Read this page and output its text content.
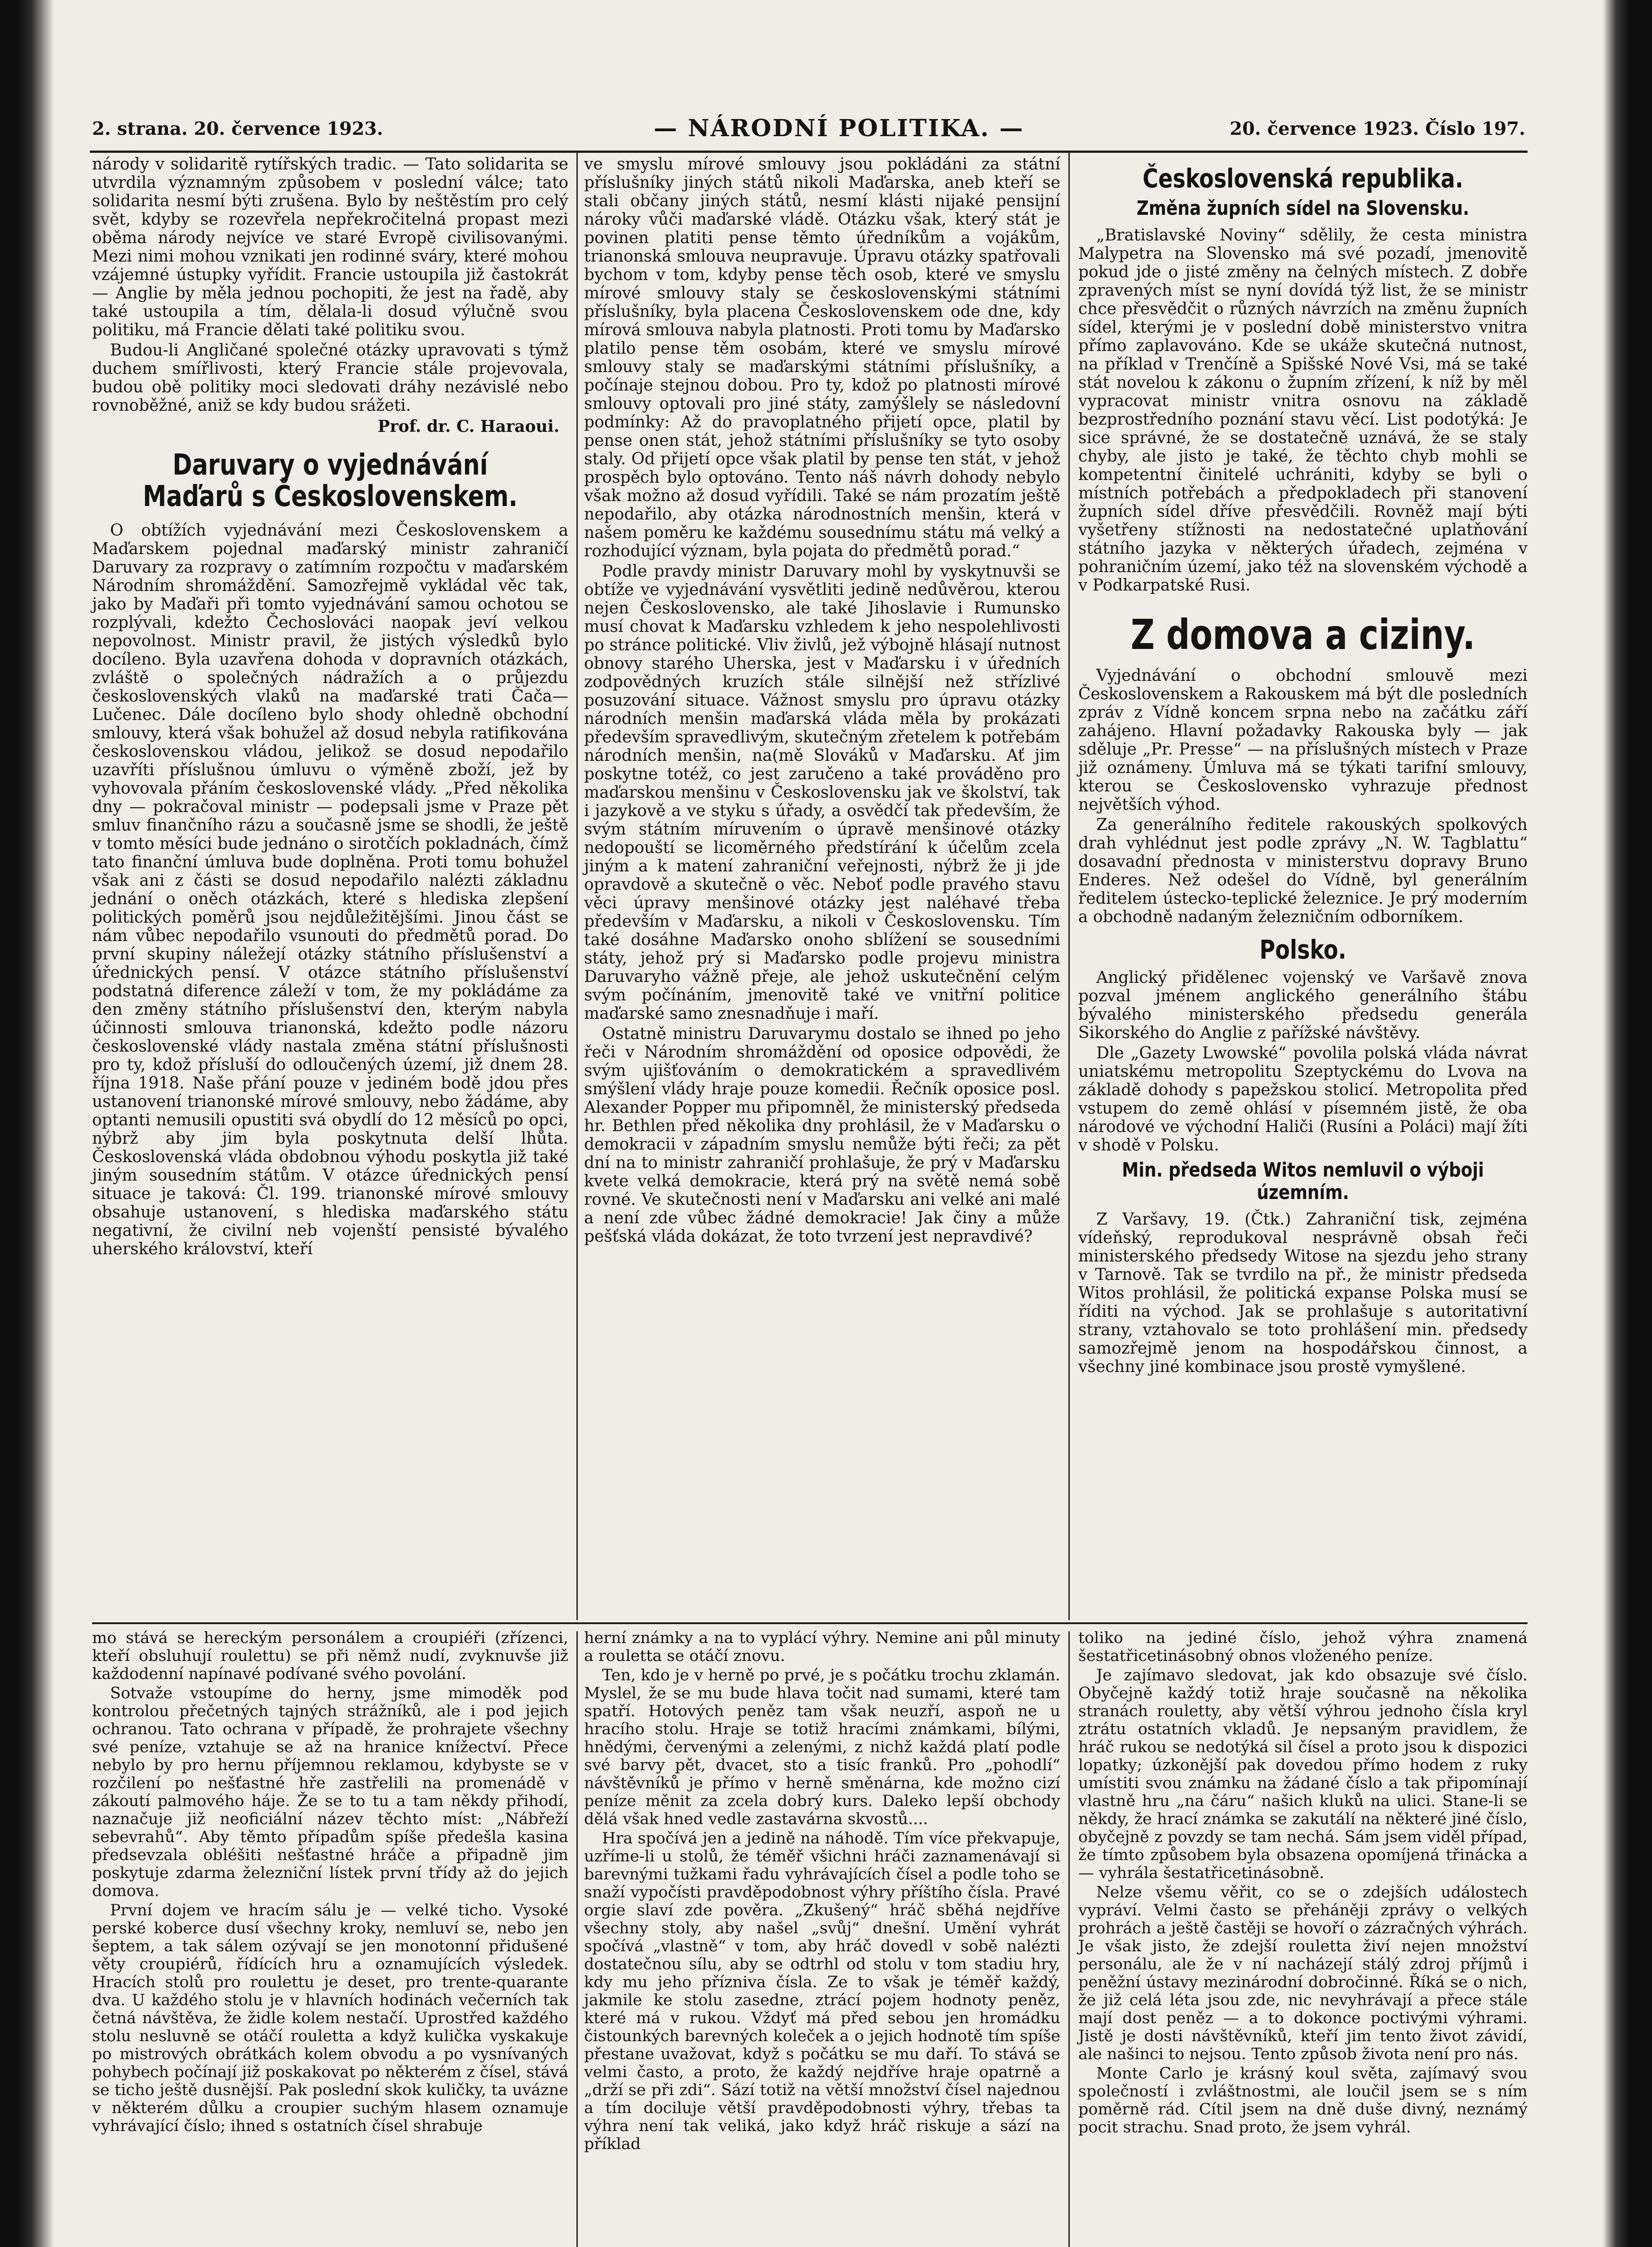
2. strana. 20. července 1923.	— NÁRODNÍ POLITIKA. —	20. července 1923. Číslo 197.

národy v solidaritě rytířských tradic. — Tato solidarita se utvrdila významným způsobem v poslední válce; tato solidarita nesmí býti zrušena. Bylo by neštěstím pro celý svět, kdyby se rozevřela nepřekročitelná propast mezi oběma národy nejvíce ve staré Evropě civilisovanými. Mezi nimi mohou vznikati jen rodinné sváry, které mohou vzájemné ústupky vyřídit. Francie ustoupila již častokrát — Anglie by měla jednou pochopiti, že jest na řadě, aby také ustoupila a tím, dělala-li dosud výlučně svou politiku, má Francie dělati také politiku svou.

Budou-li Angličané společné otázky upravovati s týmž duchem smířlivosti, který Francie stále projevovala, budou obě politiky moci sledovati dráhy nezávislé nebo rovnoběžné, aniž se kdy budou srážeti.

Prof. dr. C. Haraoui.
Daruvary o vyjednávání Maďarů s Československem.

O obtížích vyjednávání mezi Československem a Maďarskem pojednal maďarský ministr zahraničí Daruvary za rozpravy o zatímním rozpočtu v maďarském Národním shromáždění. Samozřejmě vykládal věc tak, jako by Maďaři při tomto vyjednávání samou ochotou se rozplývali, kdežto Čechoslováci naopak jeví velkou nepovolnost. Ministr pravil, že jistých výsledků bylo docíleno. Byla uzavřena dohoda v dopravních otázkách, zvláště o společných nádražích a o průjezdu československých vlaků na maďarské trati Čača—Lučenec. Dále docíleno bylo shody ohledně obchodní smlouvy, která však bohužel až dosud nebyla ratifikována československou vládou, jelikož se dosud nepodařilo uzavříti příslušnou úmluvu o výměně zboží, jež by vyhovovala přáním československé vlády. „Před několika dny — pokračoval ministr — podepsali jsme v Praze pět smluv finančního rázu a současně jsme se shodli, že ještě v tomto měsíci bude jednáno o sirotčích pokladnách, čímž tato finanční úmluva bude doplněna. Proti tomu bohužel však ani z části se dosud nepodařilo nalézti základnu jednání o oněch otázkách, které s hlediska zlepšení politických poměrů jsou nejdůležitějšími. Jinou část se nám vůbec nepodařilo vsunouti do předmětů porad. Do první skupiny náležejí otázky státního příslušenství a úřednických pensí. V otázce státního příslušenství podstatná diference záleží v tom, že my pokládáme za den změny státního příslušenství den, kterým nabyla účinnosti smlouva trianonská, kdežto podle názoru československé vlády nastala změna státní příslušnosti pro ty, kdož přísluší do odloučených území, již dnem 28. října 1918. Naše přání pouze v jediném bodě jdou přes ustanovení trianonské mírové smlouvy, nebo žádáme, aby optanti nemusili opustiti svá obydlí do 12 měsíců po opci, nýbrž aby jim byla poskytnuta delší lhůta. Československá vláda obdobnou výhodu poskytla již také jiným sousedním státům. V otázce úřednických pensí situace je taková: Čl. 199. trianonské mírové smlouvy obsahuje ustanovení, s hlediska maďarského státu negativní, že civilní neb vojenští pensisté bývalého uherského království, kteří

ve smyslu mírové smlouvy jsou pokládáni za státní příslušníky jiných států nikoli Maďarska, aneb kteří se stali občany jiných států, nesmí klásti nijaké pensijní nároky vůči maďarské vládě. Otázku však, který stát je povinen platiti pense těmto úředníkům a vojákům, trianonská smlouva neupravuje. Úpravu otázky spatřovali bychom v tom, kdyby pense těch osob, které ve smyslu mírové smlouvy staly se československými státními příslušníky, byla placena Československem ode dne, kdy mírová smlouva nabyla platnosti. Proti tomu by Maďarsko platilo pense těm osobám, které ve smyslu mírové smlouvy staly se maďarskými státními příslušníky, a počínaje stejnou dobou. Pro ty, kdož po platnosti mírové smlouvy optovali pro jiné státy, zamýšlely se následovní podmínky: Až do pravoplatného přijetí opce, platil by pense onen stát, jehož státními příslušníky se tyto osoby staly. Od přijetí opce však platil by pense ten stát, v jehož prospěch bylo optováno. Tento náš návrh dohody nebylo však možno až dosud vyřídili. Také se nám prozatím ještě nepodařilo, aby otázka národnostních menšin, která v našem poměru ke každému sousednímu státu má velký a rozhodující význam, byla pojata do předmětů porad.“

Podle pravdy ministr Daruvary mohl by vyskytnuvši se obtíže ve vyjednávání vysvětliti jedině nedůvěrou, kterou nejen Československo, ale také Jihoslavie i Rumunsko musí chovat k Maďarsku vzhledem k jeho nespolehlivosti po stránce politické. Vliv živlů, jež výbojně hlásají nutnost obnovy starého Uherska, jest v Maďarsku i v úředních zodpovědných kruzích stále silnější než střízlivé posuzování situace. Vážnost smyslu pro úpravu otázky národních menšin maďarská vláda měla by prokázati především spravedlivým, skutečným zřetelem k potřebám národních menšin, na(mě Slováků v Maďarsku. Ať jim poskytne totéž, co jest zaručeno a také prováděno pro maďarskou menšinu v Československu jak ve školství, tak i jazykově a ve styku s úřady, a osvědčí tak především, že svým státním míruvením o úpravě menšinové otázky nedopouští se licoměrného předstírání k účelům zcela jiným a k matení zahraniční veřejnosti, nýbrž že ji jde opravdově a skutečně o věc. Neboť podle pravého stavu věci úpravy menšinové otázky jest naléhavé třeba především v Maďarsku, a nikoli v Československu. Tím také dosáhne Maďarsko onoho sblížení se sousedními státy, jehož prý si Maďarsko podle projevu ministra Daruvaryho vážně přeje, ale jehož uskutečnění celým svým počínáním, jmenovitě také ve vnitřní politice maďarské samo znesnadňuje i maří.

Ostatně ministru Daruvarymu dostalo se ihned po jeho řeči v Národním shromáždění od oposice odpovědi, že svým ujišťováním o demokratickém a spravedlivém smýšlení vlády hraje pouze komedii. Řečník oposice posl. Alexander Popper mu připomněl, že ministerský předseda hr. Bethlen před několika dny prohlásil, že v Maďarsku o demokracii v západním smyslu nemůže býti řeči; za pět dní na to ministr zahraničí prohlašuje, že prý v Maďarsku kvete velká demokracie, která prý na světě nemá sobě rovné. Ve skutečnosti není v Maďarsku ani velké ani malé a není zde vůbec žádné demokracie! Jak činy a může pešťská vláda dokázat, že toto tvrzení jest nepravdivé?

Československá republika.
Změna župních sídel na Slovensku.

„Bratislavské Noviny“ sdělily, že cesta ministra Malypetra na Slovensko má své pozadí, jmenovitě pokud jde o jisté změny na čelných místech. Z dobře zpravených míst se nyní dovídá týž list, že se ministr chce přesvědčit o různých návrzích na změnu župních sídel, kterými je v poslední době ministerstvo vnitra přímo zaplavováno. Kde se ukáže skutečná nutnost, na příklad v Trenčíně a Spišské Nové Vsi, má se také stát novelou k zákonu o župním zřízení, k níž by měl vypracovat ministr vnitra osnovu na základě bezprostředního poznání stavu věcí. List podotýká: Je sice správné, že se dostatečně uznává, že se staly chyby, ale jisto je také, že těchto chyb mohli se kompetentní činitelé uchrániti, kdyby se byli o místních potřebách a předpokladech při stanovení župních sídel dříve přesvědčili. Rovněž mají býti vyšetřeny stížnosti na nedostatečné uplatňování státního jazyka v některých úřadech, zejména v pohraničním území, jako též na slovenském východě a v Podkarpatské Rusi.

Z domova a ciziny.

Vyjednávání o obchodní smlouvě mezi Československem a Rakouskem má být dle posledních zpráv z Vídně koncem srpna nebo na začátku září zahájeno. Hlavní požadavky Rakouska byly — jak sděluje „Pr. Presse“ — na příslušných místech v Praze již oznámeny. Úmluva má se týkati tarifní smlouvy, kterou se Československo vyhrazuje přednost největších výhod.

Za generálního ředitele rakouských spolkových drah vyhlédnut jest podle zprávy „N. W. Tagblattu“ dosavadní přednosta v ministerstvu dopravy Bruno Enderes. Než odešel do Vídně, byl generálním ředitelem ústecko-teplické železnice. Je prý moderním a obchodně nadaným železničním odborníkem.

Polsko.

Anglický přidělenec vojenský ve Varšavě znova pozval jménem anglického generálního štábu bývalého ministerského předsedu generála Sikorského do Anglie z pařížské návštěvy.

Dle „Gazety Lwowské“ povolila polská vláda návrat uniatskému metropolitu Szeptyckému do Lvova na základě dohody s papežskou stolicí. Metropolita před vstupem do země ohlásí v písemném jistě, že oba národové ve východní Haliči (Rusíni a Poláci) mají žíti v shodě v Polsku.

Min. předseda Witos nemluvil o výboji územním.

Z Varšavy, 19. (Čtk.) Zahraniční tisk, zejména vídeňský, reprodukoval nesprávně obsah řeči ministerského předsedy Witose na sjezdu jeho strany v Tarnově. Tak se tvrdilo na př., že ministr předseda Witos prohlásil, že politická expanse Polska musí se říditi na východ. Jak se prohlašuje s autoritativní strany, vztahovalo se toto prohlášení min. předsedy samozřejmě jenom na hospodářskou činnost, a všechny jiné kombinace jsou prostě vymyšlené.

mo stává se hereckým personálem a croupiéři (zřízenci, kteří obsluhují roulettu) se při němž nudí, zvyknuvše již každodenní napínavé podívané svého povolání.

Sotvaže vstoupíme do herny, jsme mimoděk pod kontrolou přečetných tajných strážníků, ale i pod jejich ochranou. Tato ochrana v případě, že prohrajete všechny své peníze, vztahuje se až na hranice knížectví. Přece nebylo by pro hernu příjemnou reklamou, kdybyste se v rozčilení po nešťastné hře zastřelili na promenádě v zákoutí palmového háje. Že se to tu a tam někdy přihodí, naznačuje již neoficiální název těchto míst: „Nábřeží sebevrahů“. Aby těmto případům spíše předešla kasina předsevzala obléšiti nešťastné hráče a připadně jim poskytuje zdarma železniční lístek první třídy až do jejich domova.

První dojem ve hracím sálu je — velké ticho. Vysoké perské koberce dusí všechny kroky, nemluví se, nebo jen šeptem, a tak sálem ozývají se jen monotonní přidušené věty croupiérů, řídících hru a oznamujících výsledek. Hracích stolů pro roulettu je deset, pro trente-quarante dva. U každého stolu je v hlavních hodinách večerních tak četná návštěva, že židle kolem nestačí. Uprostřed každého stolu nesluvně se otáčí rouletta a když kulička vyskakuje po mistrových obrátkách kolem obvodu a po vysnívaných pohybech počínají již poskakovat po některém z čísel, stává se ticho ještě dusnější. Pak poslední skok kuličky, ta uvázne v některém důlku a croupier suchým hlasem oznamuje vyhrávající číslo; ihned s ostatních čísel shrabuje

herní známky a na to vyplácí výhry. Nemine ani půl minuty a rouletta se otáčí znovu.

Ten, kdo je v herně po prvé, je s počátku trochu zklamán. Myslel, že se mu bude hlava točit nad sumami, které tam spatří. Hotových peněz tam však neuzří, aspoň ne u hracího stolu. Hraje se totiž hracími známkami, bílými, hnědými, červenými a zelenými, z nichž každá platí podle své barvy pět, dvacet, sto a tisíc franků. Pro „pohodlí“ návštěvníků je přímo v herně směnárna, kde možno cizí peníze měnit za zcela dobrý kurs. Daleko lepší obchody dělá však hned vedle zastavárna skvostů....

Hra spočívá jen a jedině na náhodě. Tím více překvapuje, uzříme-li u stolů, že téměř všichni hráči zaznamenávají si barevnými tužkami řadu vyhrávajících čísel a podle toho se snaží vypočísti pravděpodobnost výhry příštího čísla. Pravé orgie slaví zde pověra. „Zkušený“ hráč sběhá nejdříve všechny stoly, aby našel „svůj“ dnešní. Umění vyhrát spočívá „vlastně“ v tom, aby hráč dovedl v sobě nalézti dostatečnou sílu, aby se odtrhl od stolu v tom stadiu hry, kdy mu jeho přízniva čísla. Ze to však je téměř každý, jakmile ke stolu zasedne, ztrácí pojem hodnoty peněz, které má v rukou. Vždyť má před sebou jen hromádku čistounkých barevných koleček a o jejich hodnotě tím spíše přestane uvažovat, když s počátku se mu daří. To stává se velmi často, a proto, že každý nejdříve hraje opatrně a „drží se při zdi“. Sází totiž na větší množství čísel najednou a tím dociluje větší pravděpodobnosti výhry, třebas ta výhra není tak veliká, jako když hráč riskuje a sází na příklad

toliko na jediné číslo, jehož výhra znamená šestatřicetinásobný obnos vloženého peníze.

Je zajímavo sledovat, jak kdo obsazuje své číslo. Obyčejně každý totiž hraje současně na několika stranách rouletty, aby větší výhrou jednoho čísla kryl ztrátu ostatních vkladů. Je nepsaným pravidlem, že hráč rukou se nedotýká sil čísel a proto jsou k dispozici lopatky; úzkonější pak dovedou přímo hodem z ruky umístiti svou známku na žádané číslo a tak připomínají vlastně hru „na čáru“ našich kluků na ulici. Stane-li se někdy, že hrací známka se zakutálí na některé jiné číslo, obyčejně z povzdy se tam nechá. Sám jsem viděl případ, že tímto způsobem byla obsazena opomíjená třinácka a — vyhrála šestatřicetinásobně.

Nelze všemu věřit, co se o zdejších událostech vypráví. Velmi často se přeháněji zprávy o velkých prohrách a ještě častěji se hovoří o zázračných výhrách. Je však jisto, že zdejší rouletta živí nejen množství personálu, ale že v ní nacházejí stálý zdroj příjmů i peněžní ústavy mezinárodní dobročinné. Říká se o nich, že již celá léta jsou zde, nic nevyhrávají a přece stále mají dost peněz — a to dokonce poctivými výhrami. Jistě je dosti návštěvníků, kteří jim tento život závidí, ale našinci to nejsou. Tento způsob života není pro nás.

Monte Carlo je krásný koul světa, zajímavý svou společností i zvláštnostmi, ale loučil jsem se s ním poměrně rád. Cítil jsem na dně duše divný, neznámý pocit strachu. Snad proto, že jsem vyhrál.
